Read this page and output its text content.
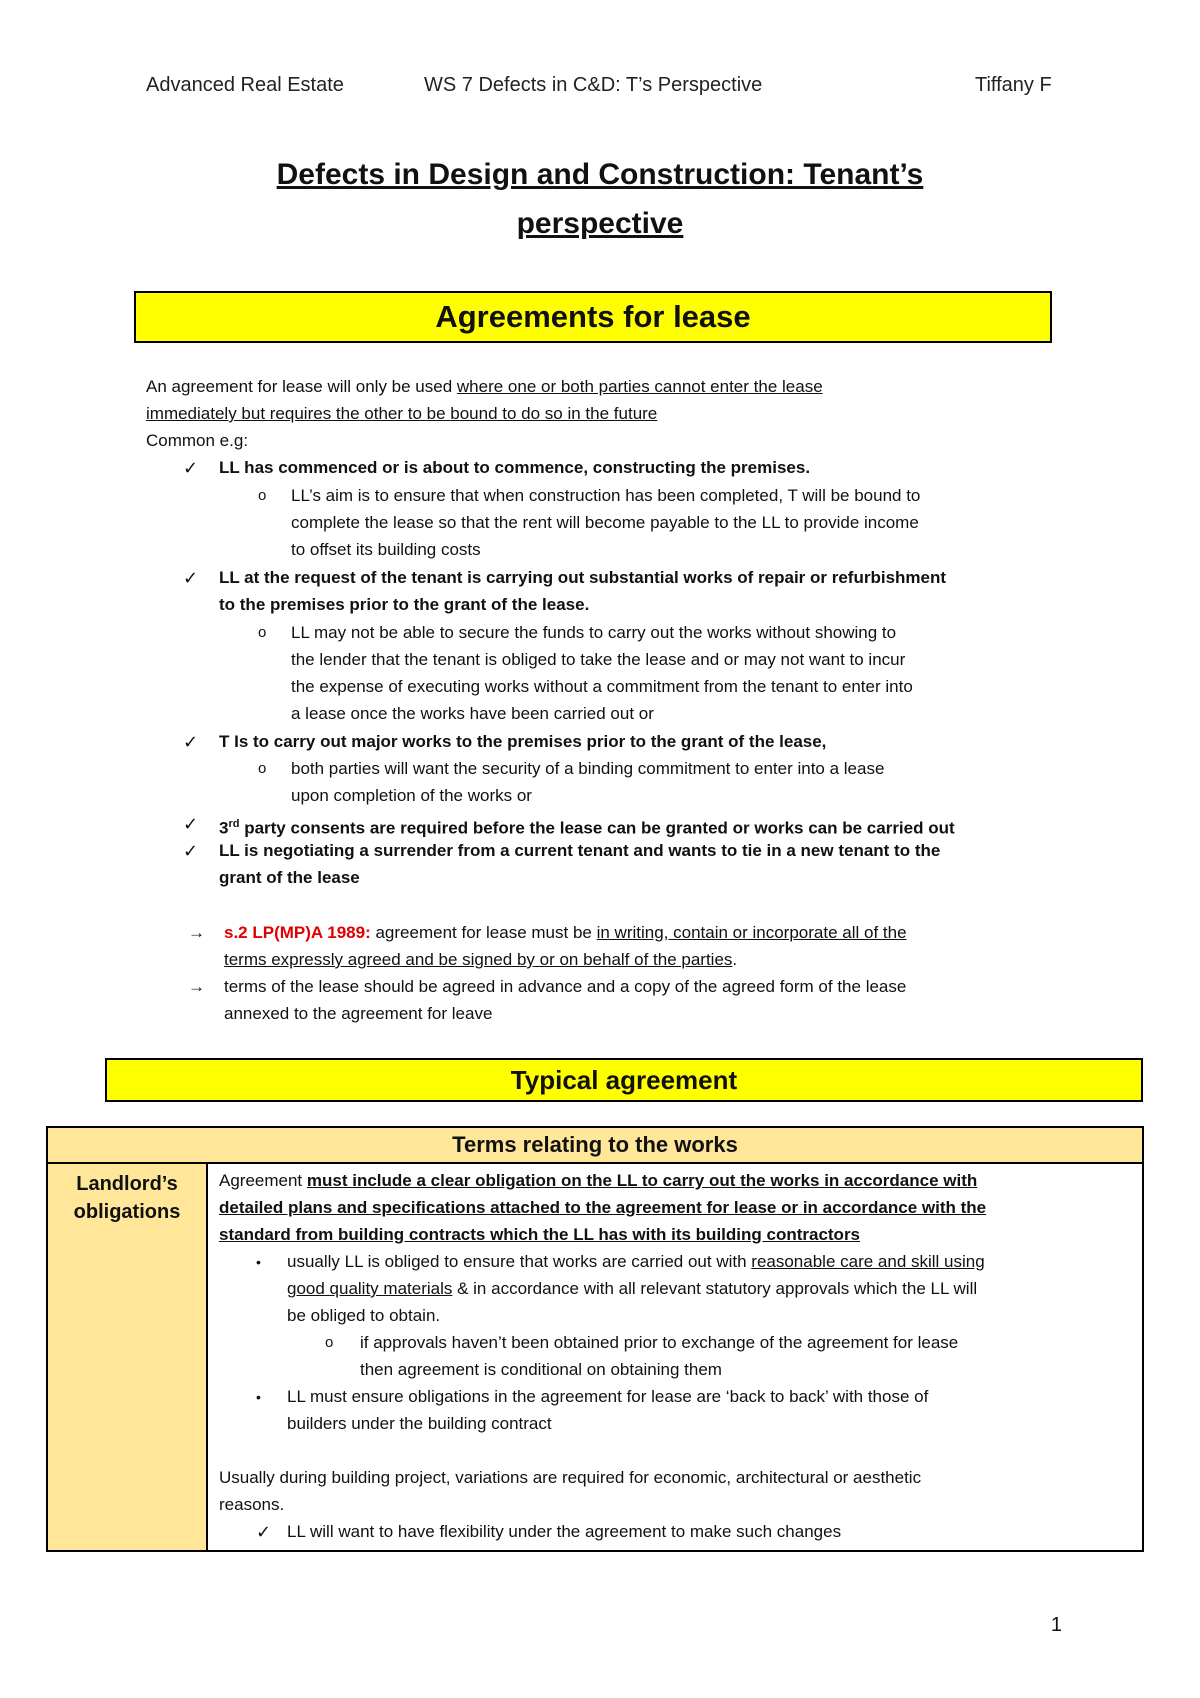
Advanced Real Estate	WS 7 Defects in C&D: T’s Perspective	Tiffany F
Defects in Design and Construction: Tenant’s
perspective
Agreements for lease
An agreement for lease will only be used where one or both parties cannot enter the lease
immediately but requires the other to be bound to do so in the future
Common e.g:
✓ LL has commenced or is about to commence, constructing the premises.
o LL’s aim is to ensure that when construction has been completed, T will be bound to
complete the lease so that the rent will become payable to the LL to provide income
to offset its building costs
✓ LL at the request of the tenant is carrying out substantial works of repair or refurbishment
to the premises prior to the grant of the lease.
o LL may not be able to secure the funds to carry out the works without showing to
the lender that the tenant is obliged to take the lease and or may not want to incur
the expense of executing works without a commitment from the tenant to enter into
a lease once the works have been carried out or
✓ T Is to carry out major works to the premises prior to the grant of the lease,
o both parties will want the security of a binding commitment to enter into a lease
upon completion of the works or
✓ 3rd party consents are required before the lease can be granted or works can be carried out
✓ LL is negotiating a surrender from a current tenant and wants to tie in a new tenant to the
grant of the lease
→ s.2 LP(MP)A 1989: agreement for lease must be in writing, contain or incorporate all of the
terms expressly agreed and be signed by or on behalf of the parties.
→ terms of the lease should be agreed in advance and a copy of the agreed form of the lease
annexed to the agreement for leave
Typical agreement
Terms relating to the works

Landlord’s
obligations

Agreement must include a clear obligation on the LL to carry out the works in accordance with
detailed plans and specifications attached to the agreement for lease or in accordance with the
standard from building contracts which the LL has with its building contractors
• usually LL is obliged to ensure that works are carried out with reasonable care and skill using
good quality materials & in accordance with all relevant statutory approvals which the LL will
be obliged to obtain.
o if approvals haven’t been obtained prior to exchange of the agreement for lease
then agreement is conditional on obtaining them
• LL must ensure obligations in the agreement for lease are ‘back to back’ with those of
builders under the building contract
Usually during building project, variations are required for economic, architectural or aesthetic
reasons.
✓ LL will want to have flexibility under the agreement to make such changes
1
